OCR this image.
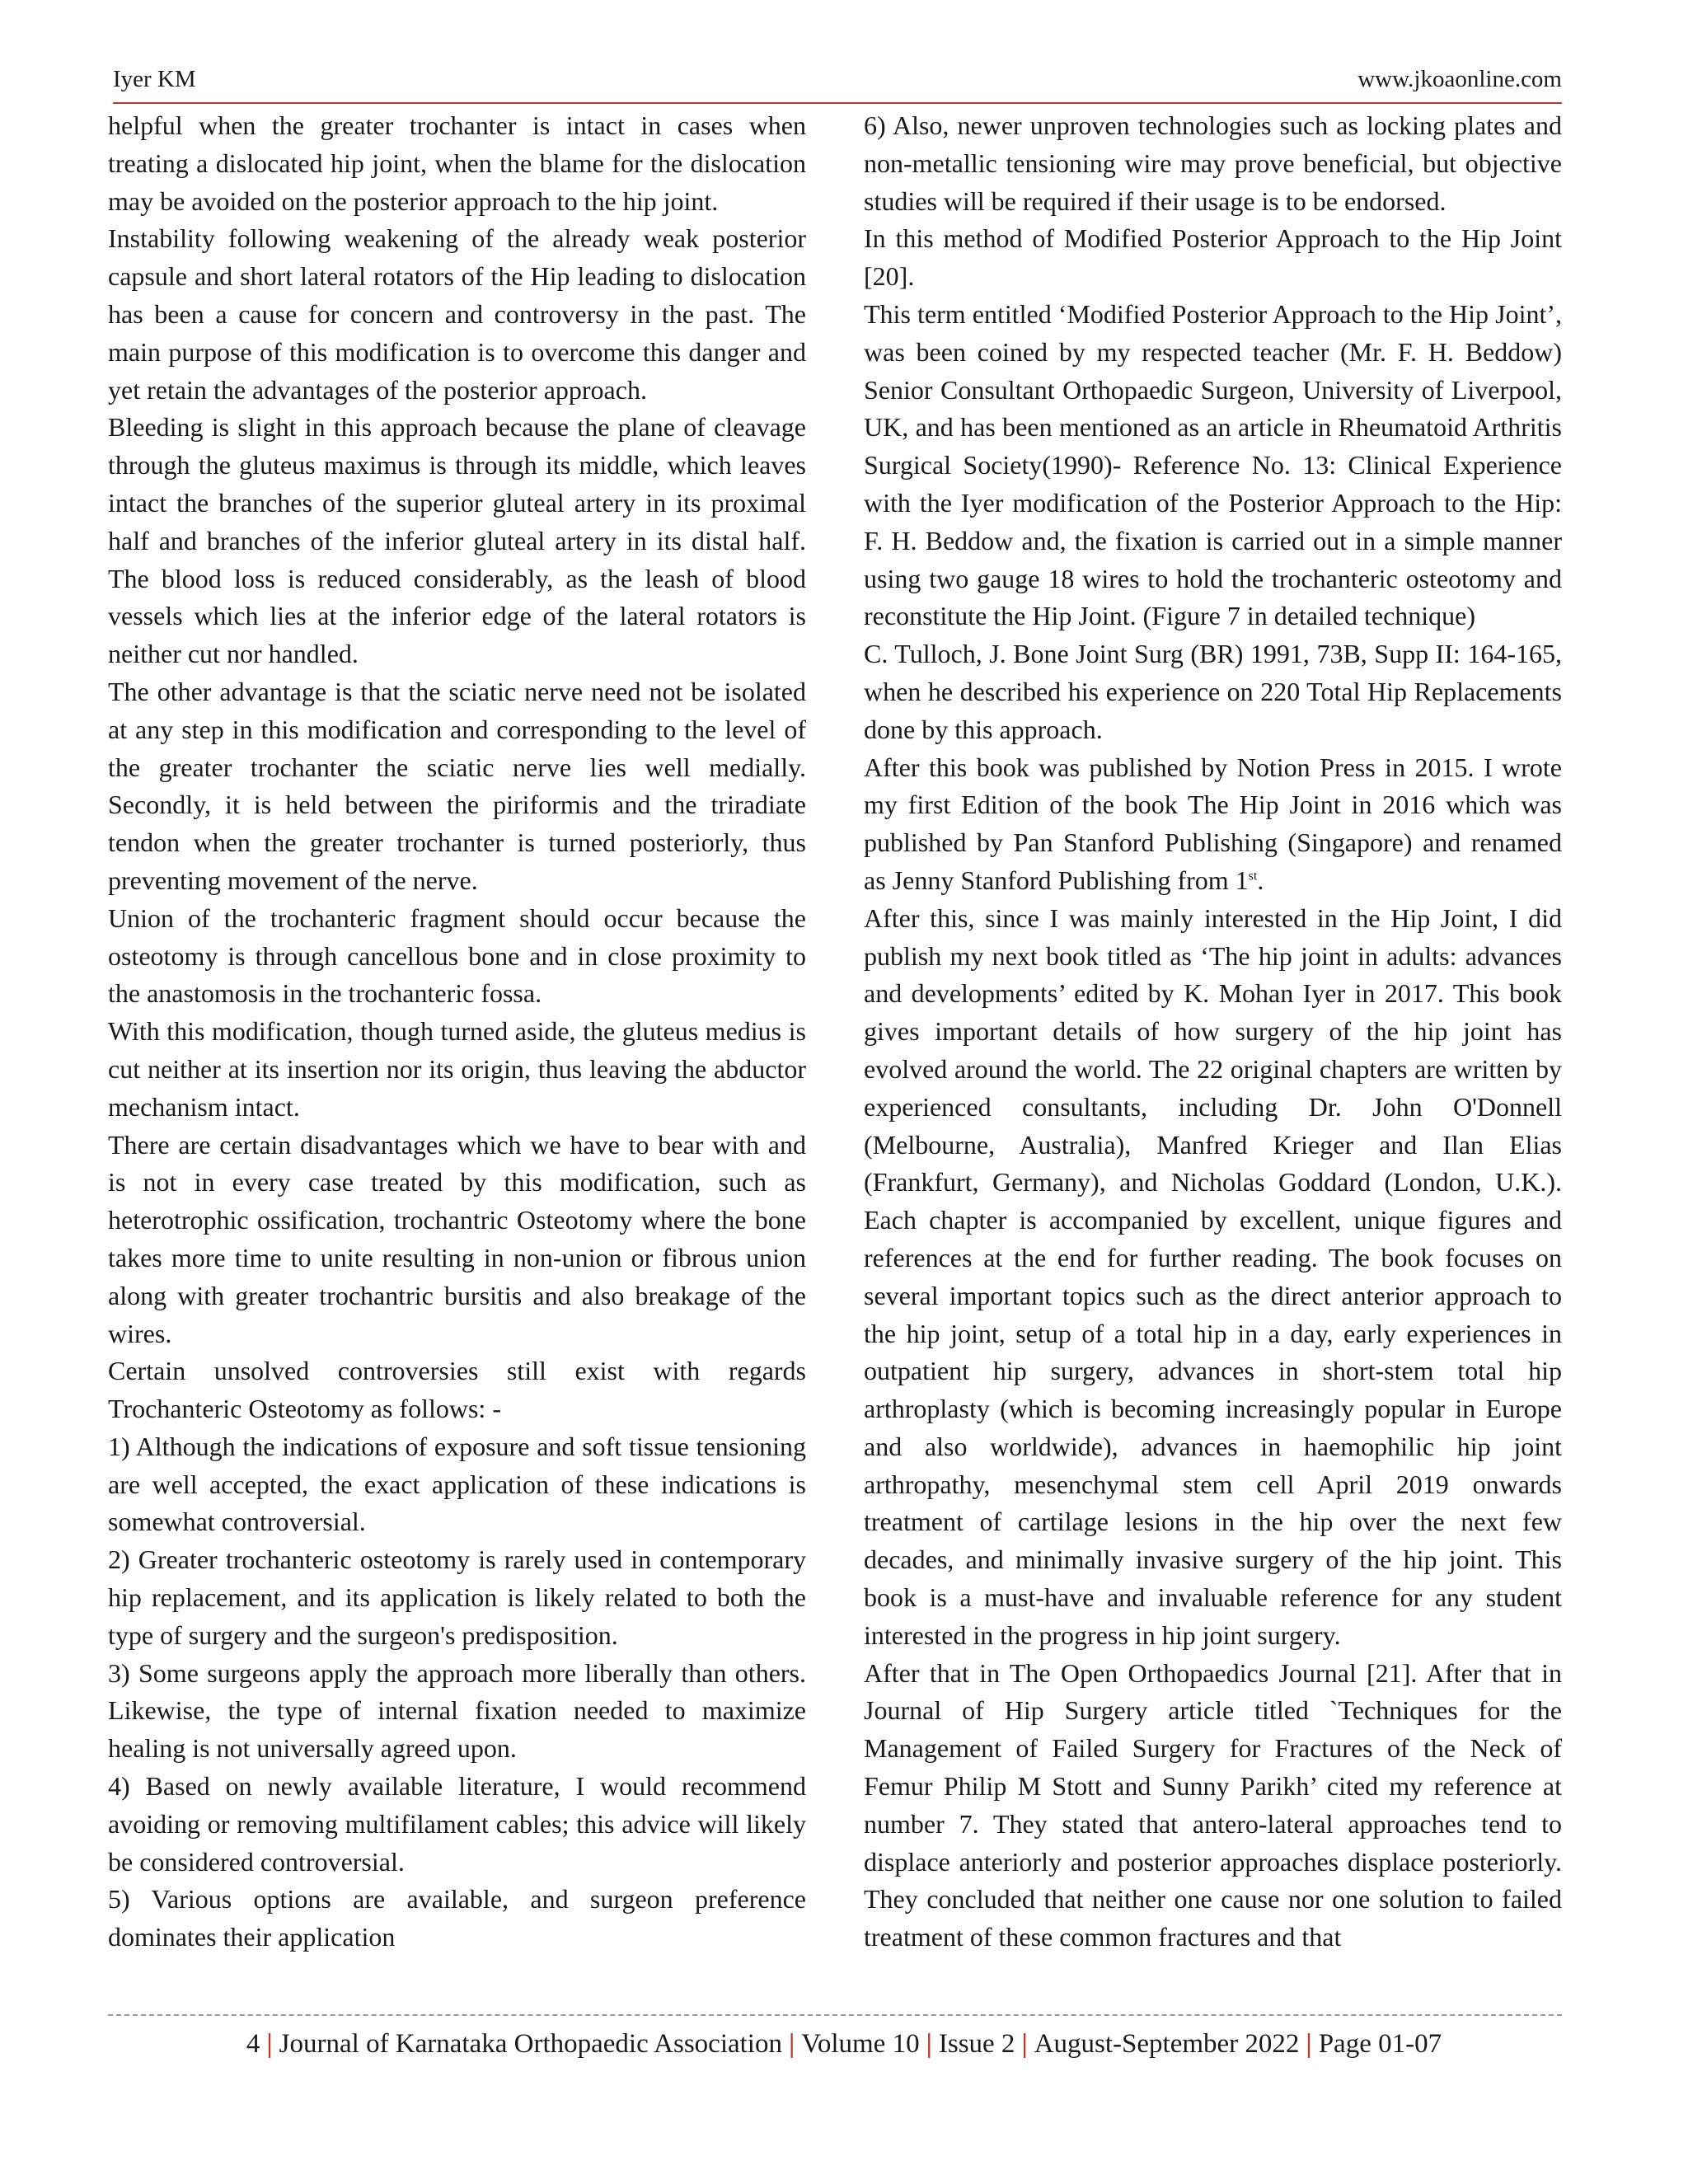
Iyer KM	www.jkoaonline.com

helpful when the greater trochanter is intact in cases when treating a dislocated hip joint, when the blame for the dislocation may be avoided on the posterior approach to the hip joint.

Instability following weakening of the already weak posterior capsule and short lateral rotators of the Hip leading to dislocation has been a cause for concern and controversy in the past. The main purpose of this modification is to overcome this danger and yet retain the advantages of the posterior approach.

Bleeding is slight in this approach because the plane of cleavage through the gluteus maximus is through its middle, which leaves intact the branches of the superior gluteal artery in its proximal half and branches of the inferior gluteal artery in its distal half. The blood loss is reduced considerably, as the leash of blood vessels which lies at the inferior edge of the lateral rotators is neither cut nor handled.

The other advantage is that the sciatic nerve need not be isolated at any step in this modification and corresponding to the level of the greater trochanter the sciatic nerve lies well medially. Secondly, it is held between the piriformis and the triradiate tendon when the greater trochanter is turned posteriorly, thus preventing movement of the nerve.

Union of the trochanteric fragment should occur because the osteotomy is through cancellous bone and in close proximity to the anastomosis in the trochanteric fossa.

With this modification, though turned aside, the gluteus medius is cut neither at its insertion nor its origin, thus leaving the abductor mechanism intact.

There are certain disadvantages which we have to bear with and is not in every case treated by this modification, such as heterotrophic ossification, trochantric Osteotomy where the bone takes more time to unite resulting in non-union or fibrous union along with greater trochantric bursitis and also breakage of the wires.

Certain unsolved controversies still exist with regards Trochanteric Osteotomy as follows: -

1) Although the indications of exposure and soft tissue tensioning are well accepted, the exact application of these indications is somewhat controversial.

2) Greater trochanteric osteotomy is rarely used in contemporary hip replacement, and its application is likely related to both the type of surgery and the surgeon's predisposition.

3) Some surgeons apply the approach more liberally than others. Likewise, the type of internal fixation needed to maximize healing is not universally agreed upon.

4) Based on newly available literature, I would recommend avoiding or removing multifilament cables; this advice will likely be considered controversial.

5) Various options are available, and surgeon preference dominates their application

6) Also, newer unproven technologies such as locking plates and non-metallic tensioning wire may prove beneficial, but objective studies will be required if their usage is to be endorsed.

In this method of Modified Posterior Approach to the Hip Joint [20].

This term entitled ‘Modified Posterior Approach to the Hip Joint’, was been coined by my respected teacher (Mr. F. H. Beddow) Senior Consultant Orthopaedic Surgeon, University of Liverpool, UK, and has been mentioned as an article in Rheumatoid Arthritis Surgical Society(1990)- Reference No. 13: Clinical Experience with the Iyer modification of the Posterior Approach to the Hip: F. H. Beddow and, the fixation is carried out in a simple manner using two gauge 18 wires to hold the trochanteric osteotomy and reconstitute the Hip Joint. (Figure 7 in detailed technique)

C. Tulloch, J. Bone Joint Surg (BR) 1991, 73B, Supp II: 164-165, when he described his experience on 220 Total Hip Replacements done by this approach.

After this book was published by Notion Press in 2015. I wrote my first Edition of the book The Hip Joint in 2016 which was published by Pan Stanford Publishing (Singapore) and renamed as Jenny Stanford Publishing from 1st.

After this, since I was mainly interested in the Hip Joint, I did publish my next book titled as ‘The hip joint in adults: advances and developments’ edited by K. Mohan Iyer in 2017. This book gives important details of how surgery of the hip joint has evolved around the world. The 22 original chapters are written by experienced consultants, including Dr. John O'Donnell (Melbourne, Australia), Manfred Krieger and Ilan Elias (Frankfurt, Germany), and Nicholas Goddard (London, U.K.). Each chapter is accompanied by excellent, unique figures and references at the end for further reading. The book focuses on several important topics such as the direct anterior approach to the hip joint, setup of a total hip in a day, early experiences in outpatient hip surgery, advances in short-stem total hip arthroplasty (which is becoming increasingly popular in Europe and also worldwide), advances in haemophilic hip joint arthropathy, mesenchymal stem cell April 2019 onwards treatment of cartilage lesions in the hip over the next few decades, and minimally invasive surgery of the hip joint. This book is a must-have and invaluable reference for any student interested in the progress in hip joint surgery.

After that in The Open Orthopaedics Journal [21]. After that in Journal of Hip Surgery article titled `Techniques for the Management of Failed Surgery for Fractures of the Neck of Femur Philip M Stott and Sunny Parikh’ cited my reference at number 7. They stated that antero-lateral approaches tend to displace anteriorly and posterior approaches displace posteriorly. They concluded that neither one cause nor one solution to failed treatment of these common fractures and that

4 | Journal of Karnataka Orthopaedic Association | Volume 10 | Issue 2 | August-September 2022 | Page 01-07
